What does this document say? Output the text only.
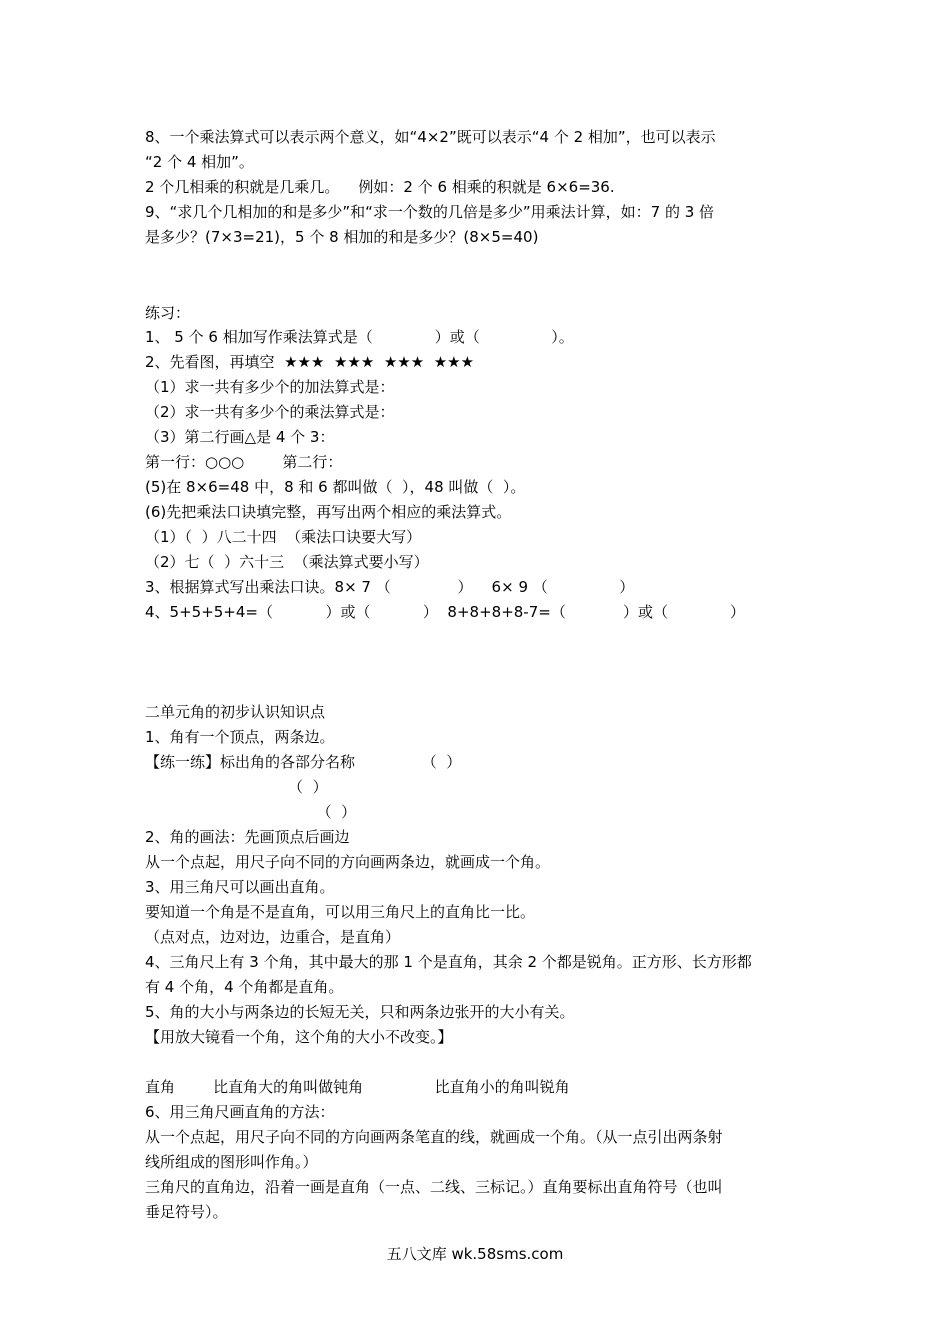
8、一个乘法算式可以表示两个意义，如“4×2”既可以表示“4 个 2 相加”，也可以表示
“2 个 4 相加”。
2 个几相乘的积就是几乘几。    例如：2 个 6 相乘的积就是 6×6=36.
9、“求几个几相加的和是多少”和“求一个数的几倍是多少”用乘法计算，如：7 的 3 倍
是多少？(7×3=21)，5 个 8 相加的和是多少？(8×5=40)
练习：
1、 5 个 6 相加写作乘法算式是（             ）或（               ）。
2、先看图，再填空  ★★★  ★★★  ★★★  ★★★
（1）求一共有多少个的加法算式是：
（2）求一共有多少个的乘法算式是：
（3）第二行画△是 4 个 3：
第一行：○○○        第二行：
(5)在 8×6=48 中，8 和 6 都叫做（  ），48 叫做（  ）。
(6)先把乘法口诀填完整，再写出两个相应的乘法算式。
（1）（  ）八二十四  （乘法口诀要大写）
（2）七（  ）六十三  （乘法算式要小写）
3、根据算式写出乘法口诀。8× 7 （              ）    6× 9 （               ）
4、5+5+5+4=（           ）或（           ）  8+8+8+8-7=（            ）或（             ）
二单元角的初步认识知识点
1、角有一个顶点，两条边。
【练一练】标出角的各部分名称              （  ）
（  ）
（  ）
2、角的画法：先画顶点后画边
从一个点起，用尺子向不同的方向画两条边，就画成一个角。
3、用三角尺可以画出直角。
要知道一个角是不是直角，可以用三角尺上的直角比一比。
（点对点，边对边，边重合，是直角）
4、三角尺上有 3 个角，其中最大的那 1 个是直角，其余 2 个都是锐角。正方形、长方形都
有 4 个角，4 个角都是直角。
5、角的大小与两条边的长短无关，只和两条边张开的大小有关。
【用放大镜看一个角，这个角的大小不改变。】
直角        比直角大的角叫做钝角               比直角小的角叫锐角
6、用三角尺画直角的方法：
从一个点起，用尺子向不同的方向画两条笔直的线，就画成一个角。（从一点引出两条射
线所组成的图形叫作角。）
三角尺的直角边，沿着一画是直角（一点、二线、三标记。）直角要标出直角符号（也叫
垂足符号）。
五八文库 wk.58sms.com
